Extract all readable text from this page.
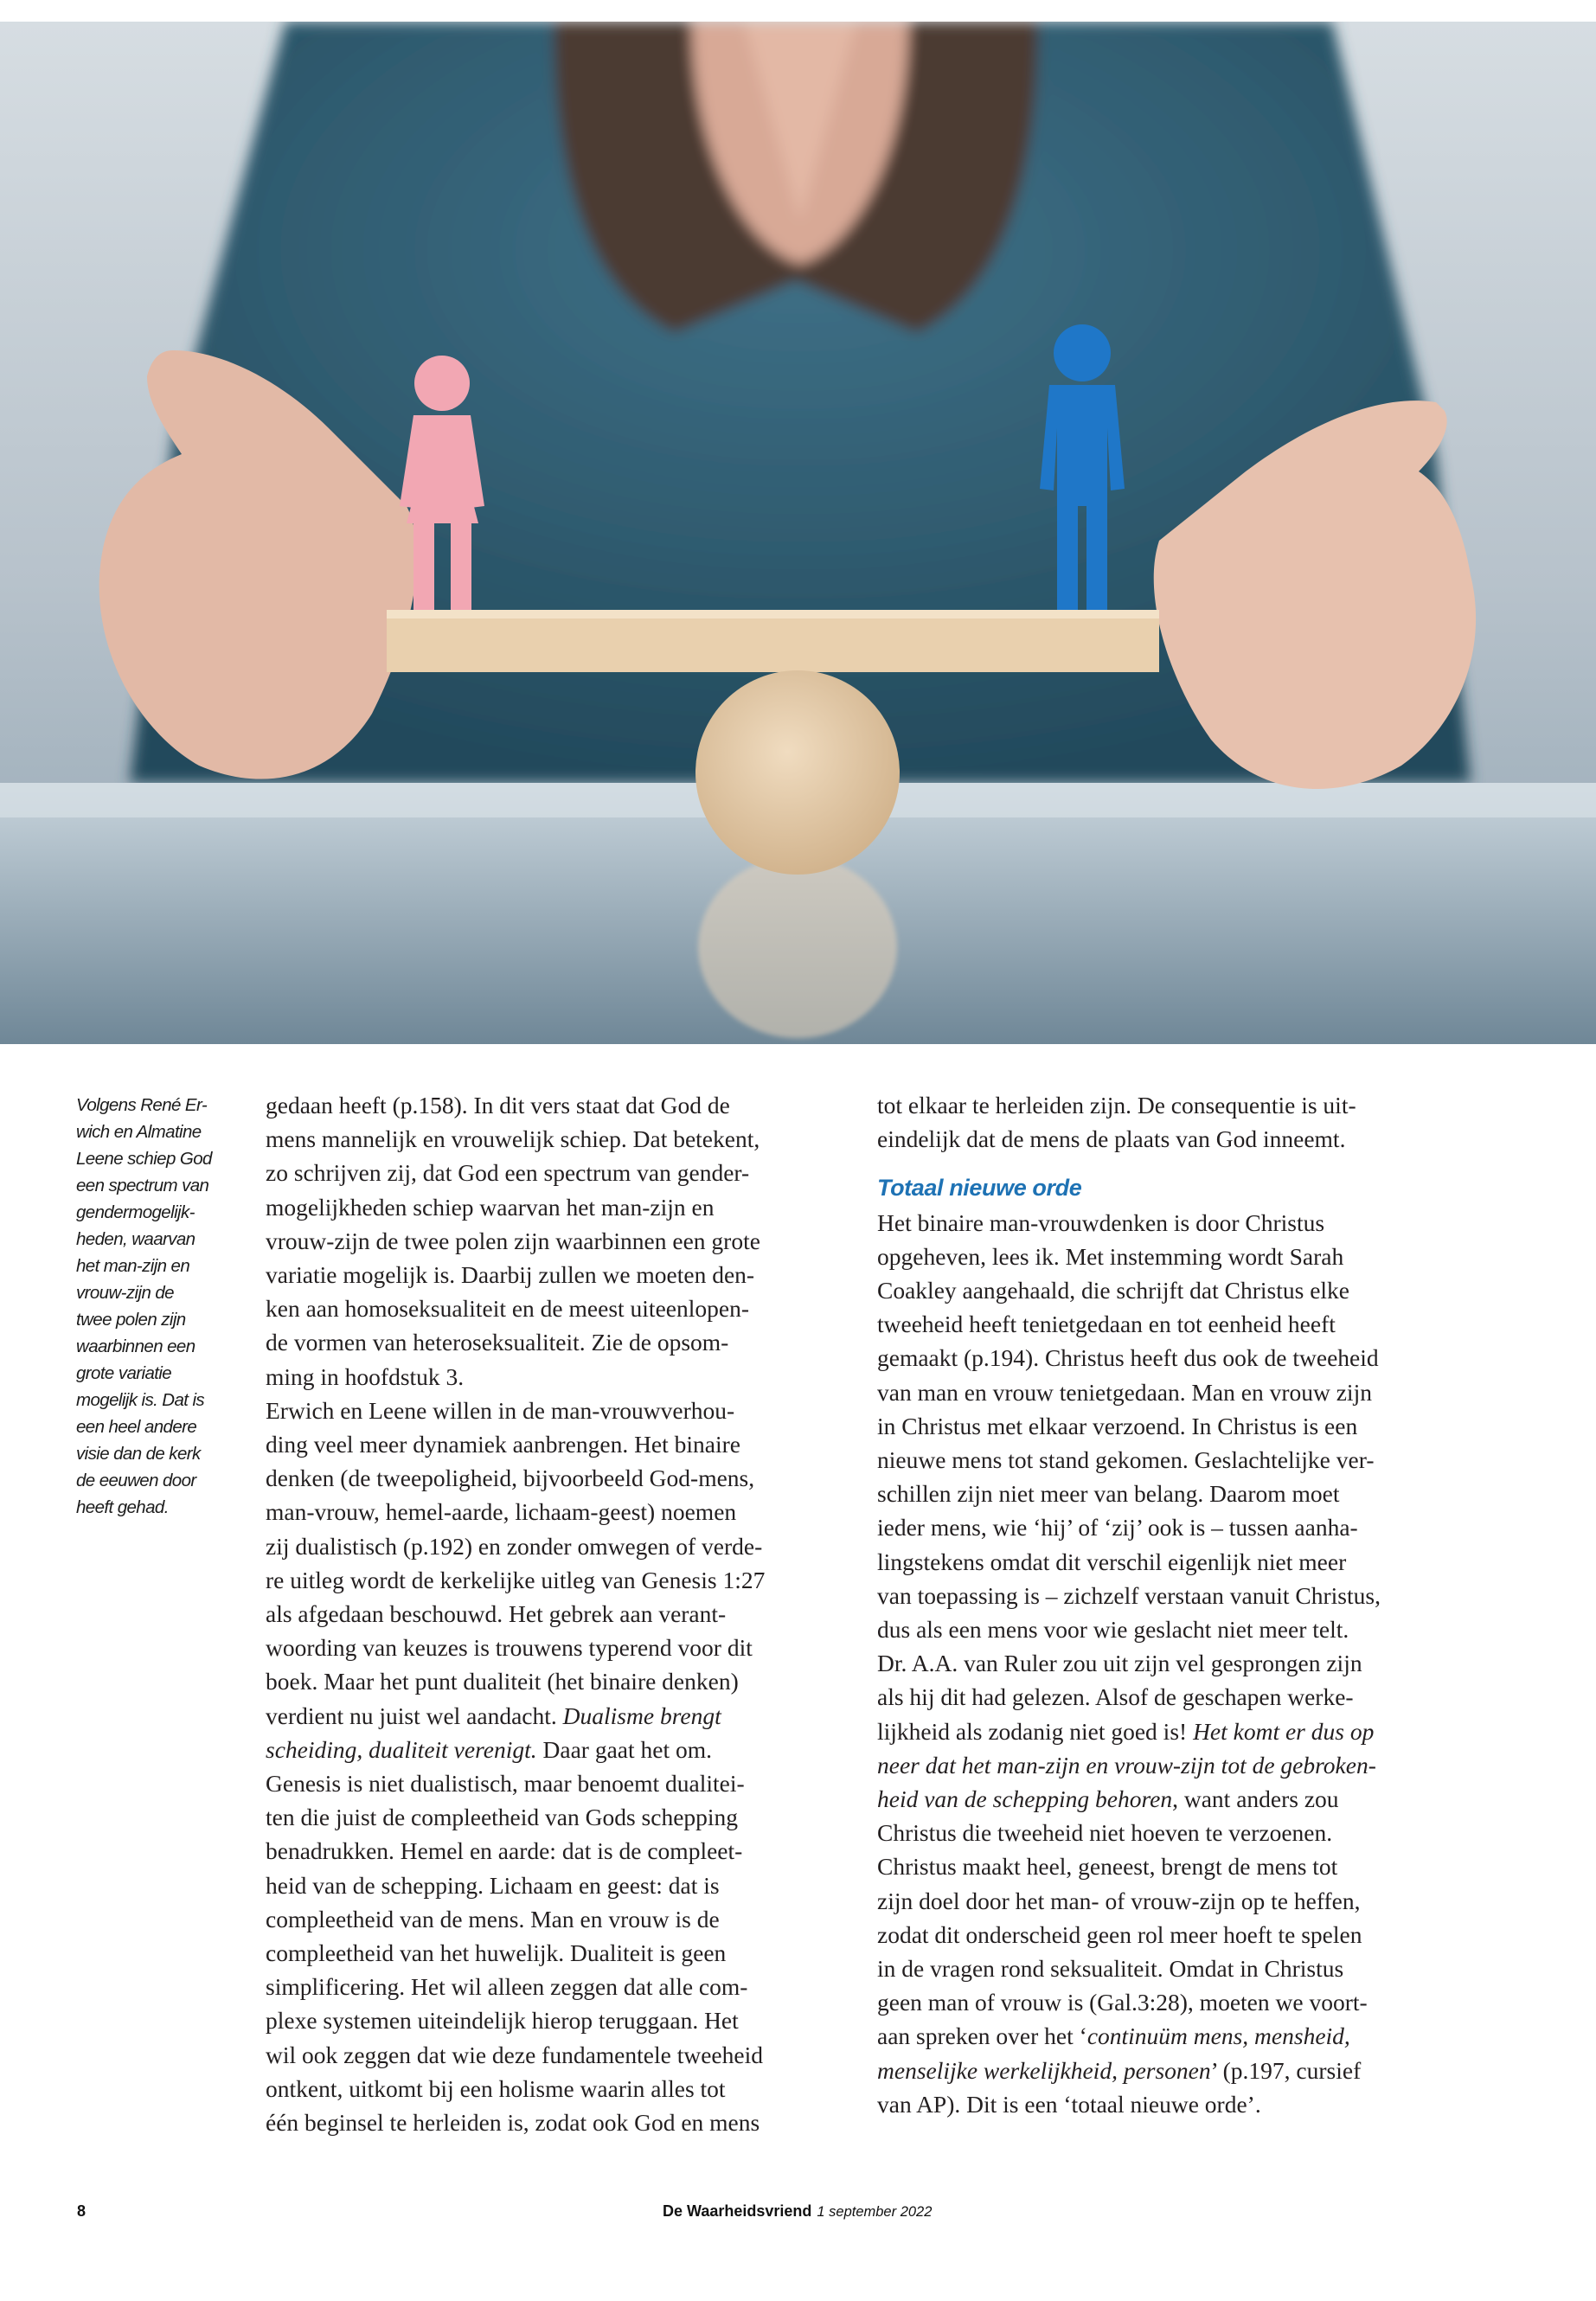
Volgens René Er-
wich en Almatine
Leene schiep God
een spectrum van
gendermogelijk-
heden, waarvan
het man-zijn en
vrouw-zijn de
twee polen zijn
waarbinnen een
grote variatie
mogelijk is. Dat is
een heel andere
visie dan de kerk
de eeuwen door
heeft gehad.
gedaan heeft (p.158). In dit vers staat dat God de
mens mannelijk en vrouwelijk schiep. Dat betekent,
zo schrijven zij, dat God een spectrum van gender-
mogelijkheden schiep waarvan het man-zijn en
vrouw-zijn de twee polen zijn waarbinnen een grote
variatie mogelijk is. Daarbij zullen we moeten den-
ken aan homoseksualiteit en de meest uiteenlopen-
de vormen van heteroseksualiteit. Zie de opsom-
ming in hoofdstuk 3.
Erwich en Leene willen in de man-vrouwverhou-
ding veel meer dynamiek aanbrengen. Het binaire
denken (de tweepoligheid, bijvoorbeeld God-mens,
man-vrouw, hemel-aarde, lichaam-geest) noemen
zij dualistisch (p.192) en zonder omwegen of verde-
re uitleg wordt de kerkelijke uitleg van Genesis 1:27
als afgedaan beschouwd. Het gebrek aan verant-
woording van keuzes is trouwens typerend voor dit
boek. Maar het punt dualiteit (het binaire denken)
verdient nu juist wel aandacht. Dualisme brengt
scheiding, dualiteit verenigt. Daar gaat het om.
Genesis is niet dualistisch, maar benoemt dualitei-
ten die juist de compleetheid van Gods schepping
benadrukken. Hemel en aarde: dat is de compleet-
heid van de schepping. Lichaam en geest: dat is
compleetheid van de mens. Man en vrouw is de
compleetheid van het huwelijk. Dualiteit is geen
simplificering. Het wil alleen zeggen dat alle com-
plexe systemen uiteindelijk hierop teruggaan. Het
wil ook zeggen dat wie deze fundamentele tweeheid
ontkent, uitkomt bij een holisme waarin alles tot
één beginsel te herleiden is, zodat ook God en mens
tot elkaar te herleiden zijn. De consequentie is uit-
eindelijk dat de mens de plaats van God inneemt.
Totaal nieuwe orde
Het binaire man-vrouwdenken is door Christus
opgeheven, lees ik. Met instemming wordt Sarah
Coakley aangehaald, die schrijft dat Christus elke
tweeheid heeft tenietgedaan en tot eenheid heeft
gemaakt (p.194). Christus heeft dus ook de tweeheid
van man en vrouw tenietgedaan. Man en vrouw zijn
in Christus met elkaar verzoend. In Christus is een
nieuwe mens tot stand gekomen. Geslachtelijke ver-
schillen zijn niet meer van belang. Daarom moet
ieder mens, wie ‘hij’ of ‘zij’ ook is – tussen aanha-
lingstekens omdat dit verschil eigenlijk niet meer
van toepassing is – zichzelf verstaan vanuit Christus,
dus als een mens voor wie geslacht niet meer telt.
Dr. A.A. van Ruler zou uit zijn vel gesprongen zijn
als hij dit had gelezen. Alsof de geschapen werke-
lijkheid als zodanig niet goed is! Het komt er dus op
neer dat het man-zijn en vrouw-zijn tot de gebroken-
heid van de schepping behoren, want anders zou
Christus die tweeheid niet hoeven te verzoenen.
Christus maakt heel, geneest, brengt de mens tot
zijn doel door het man- of vrouw-zijn op te heffen,
zodat dit onderscheid geen rol meer hoeft te spelen
in de vragen rond seksualiteit. Omdat in Christus
geen man of vrouw is (Gal.3:28), moeten we voort-
aan spreken over het ‘continuüm mens, mensheid,
menselijke werkelijkheid, personen’ (p.197, cursief
van AP). Dit is een ‘totaal nieuwe orde’.
8	De Waarheidsvriend 1 september 2022
